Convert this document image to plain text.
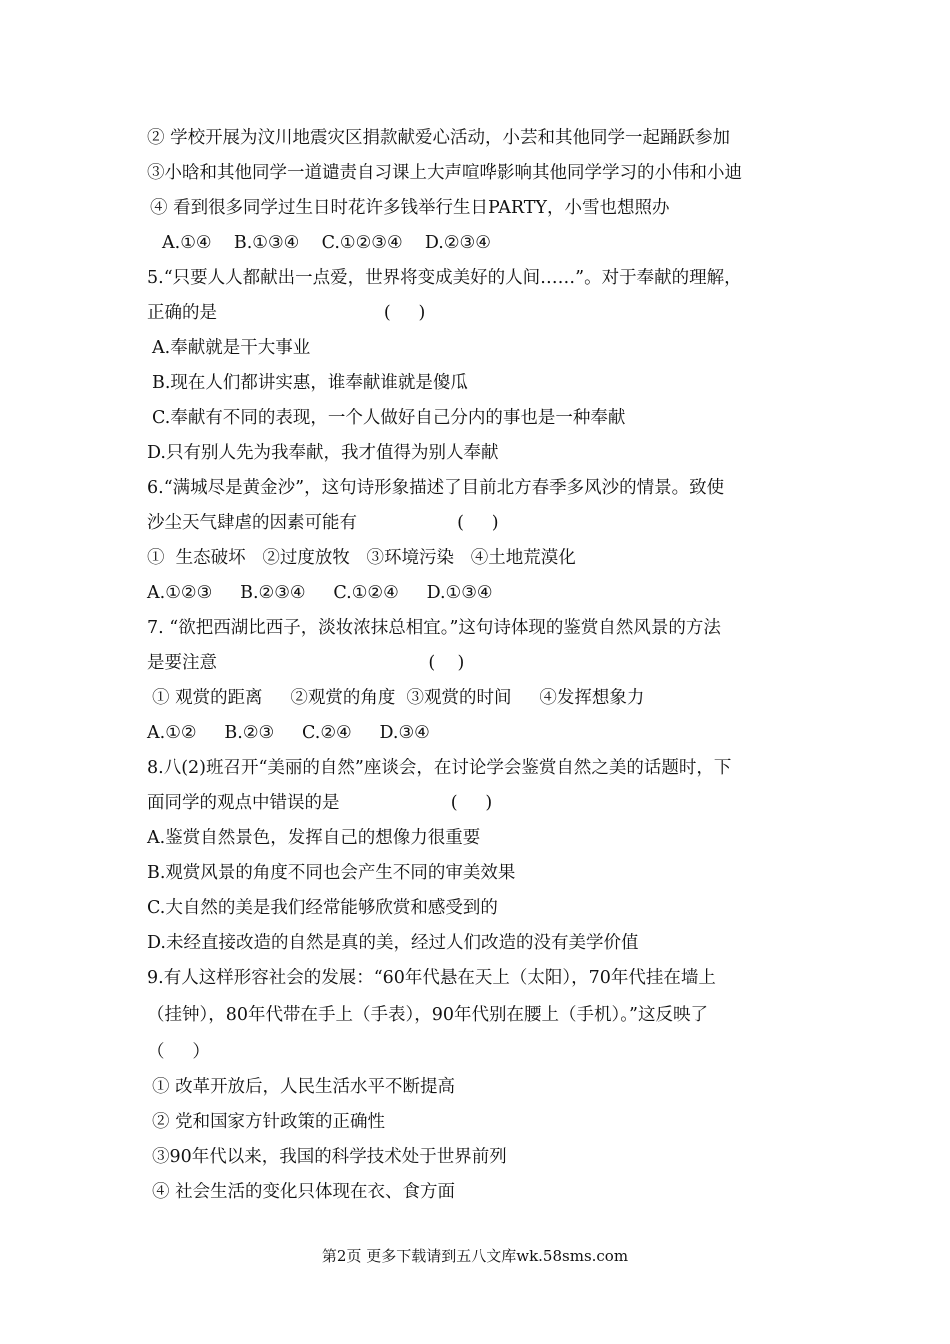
② 学校开展为汶川地震灾区捐款献爱心活动，小芸和其他同学一起踊跃参加
③小晗和其他同学一道谴责自习课上大声喧哗影响其他同学学习的小伟和小迪
④ 看到很多同学过生日时花许多钱举行生日PARTY，小雪也想照办
A.①④    B.①③④    C.①②③④    D.②③④
5.“只要人人都献出一点爱，世界将变成美好的人间……”。对于奉献的理解，
正确的是                              (     )
A.奉献就是干大事业
B.现在人们都讲实惠，谁奉献谁就是傻瓜
C.奉献有不同的表现，一个人做好自己分内的事也是一种奉献
D.只有别人先为我奉献，我才值得为别人奉献
6.“满城尽是黄金沙”，这句诗形象描述了目前北方春季多风沙的情景。致使
沙尘天气肆虐的因素可能有                  (     )
①  生态破坏   ②过度放牧   ③环境污染   ④土地荒漠化
A.①②③     B.②③④     C.①②④     D.①③④
7. “欲把西湖比西子，淡妆浓抹总相宜。”这句诗体现的鉴赏自然风景的方法
是要注意                                      (    )
① 观赏的距离     ②观赏的角度  ③观赏的时间     ④发挥想象力
A.①②     B.②③     C.②④     D.③④
8.八(2)班召开“美丽的自然”座谈会，在讨论学会鉴赏自然之美的话题时，下
面同学的观点中错误的是                    (     )
A.鉴赏自然景色，发挥自己的想像力很重要
B.观赏风景的角度不同也会产生不同的审美效果
C.大自然的美是我们经常能够欣赏和感受到的
D.未经直接改造的自然是真的美，经过人们改造的没有美学价值
9.有人这样形容社会的发展：“60年代悬在天上（太阳），70年代挂在墙上
（挂钟），80年代带在手上（手表），90年代别在腰上（手机）。”这反映了
（     ）
① 改革开放后，人民生活水平不断提高
② 党和国家方针政策的正确性
③90年代以来，我国的科学技术处于世界前列
④ 社会生活的变化只体现在衣、食方面
第2页 更多下载请到五八文库wk.58sms.com
